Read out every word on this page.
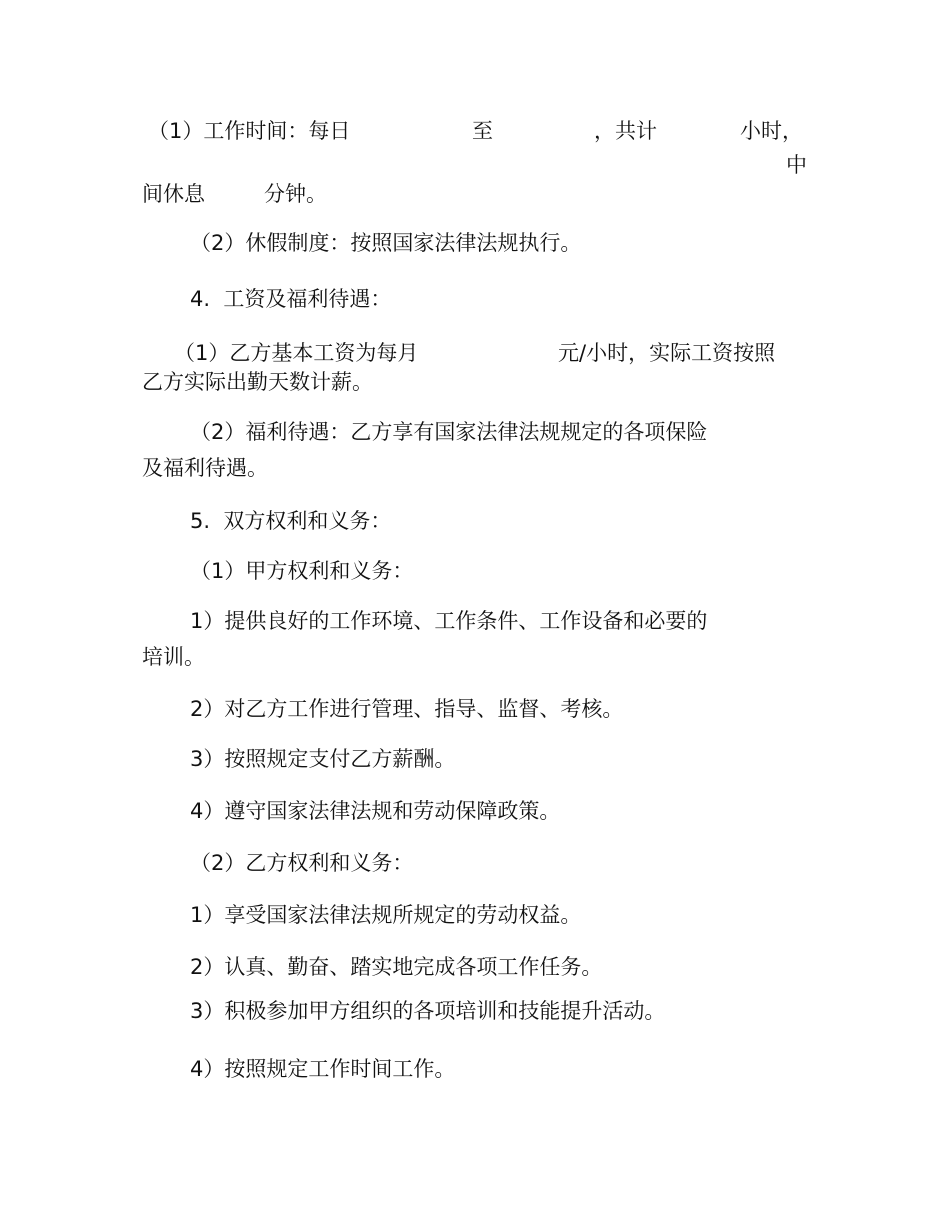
（1）工作时间：每日	至	，共计	小时，
中
间休息	分钟。
（2）休假制度：按照国家法律法规执行。
4.  工资及福利待遇：
（1）乙方基本工资为每月	元/小时，实际工资按照
乙方实际出勤天数计薪。
（2）福利待遇：乙方享有国家法律法规规定的各项保险
及福利待遇。
5.  双方权利和义务：
（1）甲方权利和义务：
1）提供良好的工作环境、工作条件、工作设备和必要的
培训。
2）对乙方工作进行管理、指导、监督、考核。
3）按照规定支付乙方薪酬。
4）遵守国家法律法规和劳动保障政策。
（2）乙方权利和义务：
1）享受国家法律法规所规定的劳动权益。
2）认真、勤奋、踏实地完成各项工作任务。
3）积极参加甲方组织的各项培训和技能提升活动。
4）按照规定工作时间工作。
